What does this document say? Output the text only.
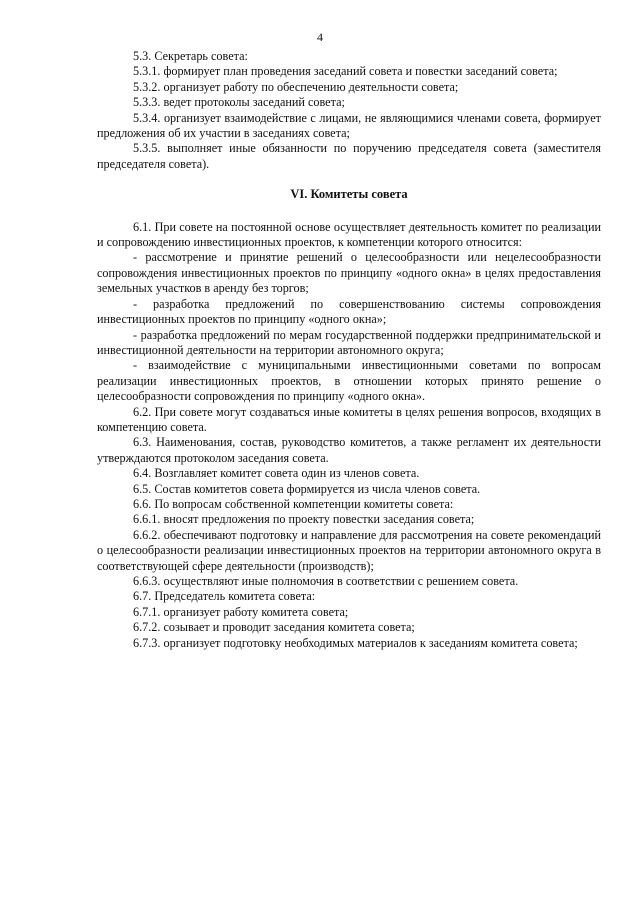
4

5.3. Секретарь совета:

5.3.1. формирует план проведения заседаний совета и повестки заседаний совета;

5.3.2. организует работу по обеспечению деятельности совета;

5.3.3. ведет протоколы заседаний совета;

5.3.4. организует взаимодействие с лицами, не являющимися членами совета, формирует предложения об их участии в заседаниях совета;

5.3.5. выполняет иные обязанности по поручению председателя совета (заместителя председателя совета).

VI. Комитеты совета

6.1. При совете на постоянной основе осуществляет деятельность комитет по реализации и сопровождению инвестиционных проектов, к компетенции которого относится:

- рассмотрение и принятие решений о целесообразности или нецелесообразности сопровождения инвестиционных проектов по принципу «одного окна» в целях предоставления земельных участков в аренду без торгов;

- разработка предложений по совершенствованию системы сопровождения инвестиционных проектов по принципу «одного окна»;

- разработка предложений по мерам государственной поддержки предпринимательской и инвестиционной деятельности на территории автономного округа;

- взаимодействие с муниципальными инвестиционными советами по вопросам реализации инвестиционных проектов, в отношении которых принято решение о целесообразности сопровождения по принципу «одного окна».

6.2. При совете могут создаваться иные комитеты в целях решения вопросов, входящих в компетенцию совета.

6.3. Наименования, состав, руководство комитетов, а также регламент их деятельности утверждаются протоколом заседания совета.

6.4. Возглавляет комитет совета один из членов совета.

6.5. Состав комитетов совета формируется из числа членов совета.

6.6. По вопросам собственной компетенции комитеты совета:

6.6.1. вносят предложения по проекту повестки заседания совета;

6.6.2. обеспечивают подготовку и направление для рассмотрения на совете рекомендаций о целесообразности реализации инвестиционных проектов на территории автономного округа в соответствующей сфере деятельности (производств);

6.6.3. осуществляют иные полномочия в соответствии с решением совета.

6.7. Председатель комитета совета:

6.7.1. организует работу комитета совета;

6.7.2. созывает и проводит заседания комитета совета;

6.7.3. организует подготовку необходимых материалов к заседаниям комитета совета;
